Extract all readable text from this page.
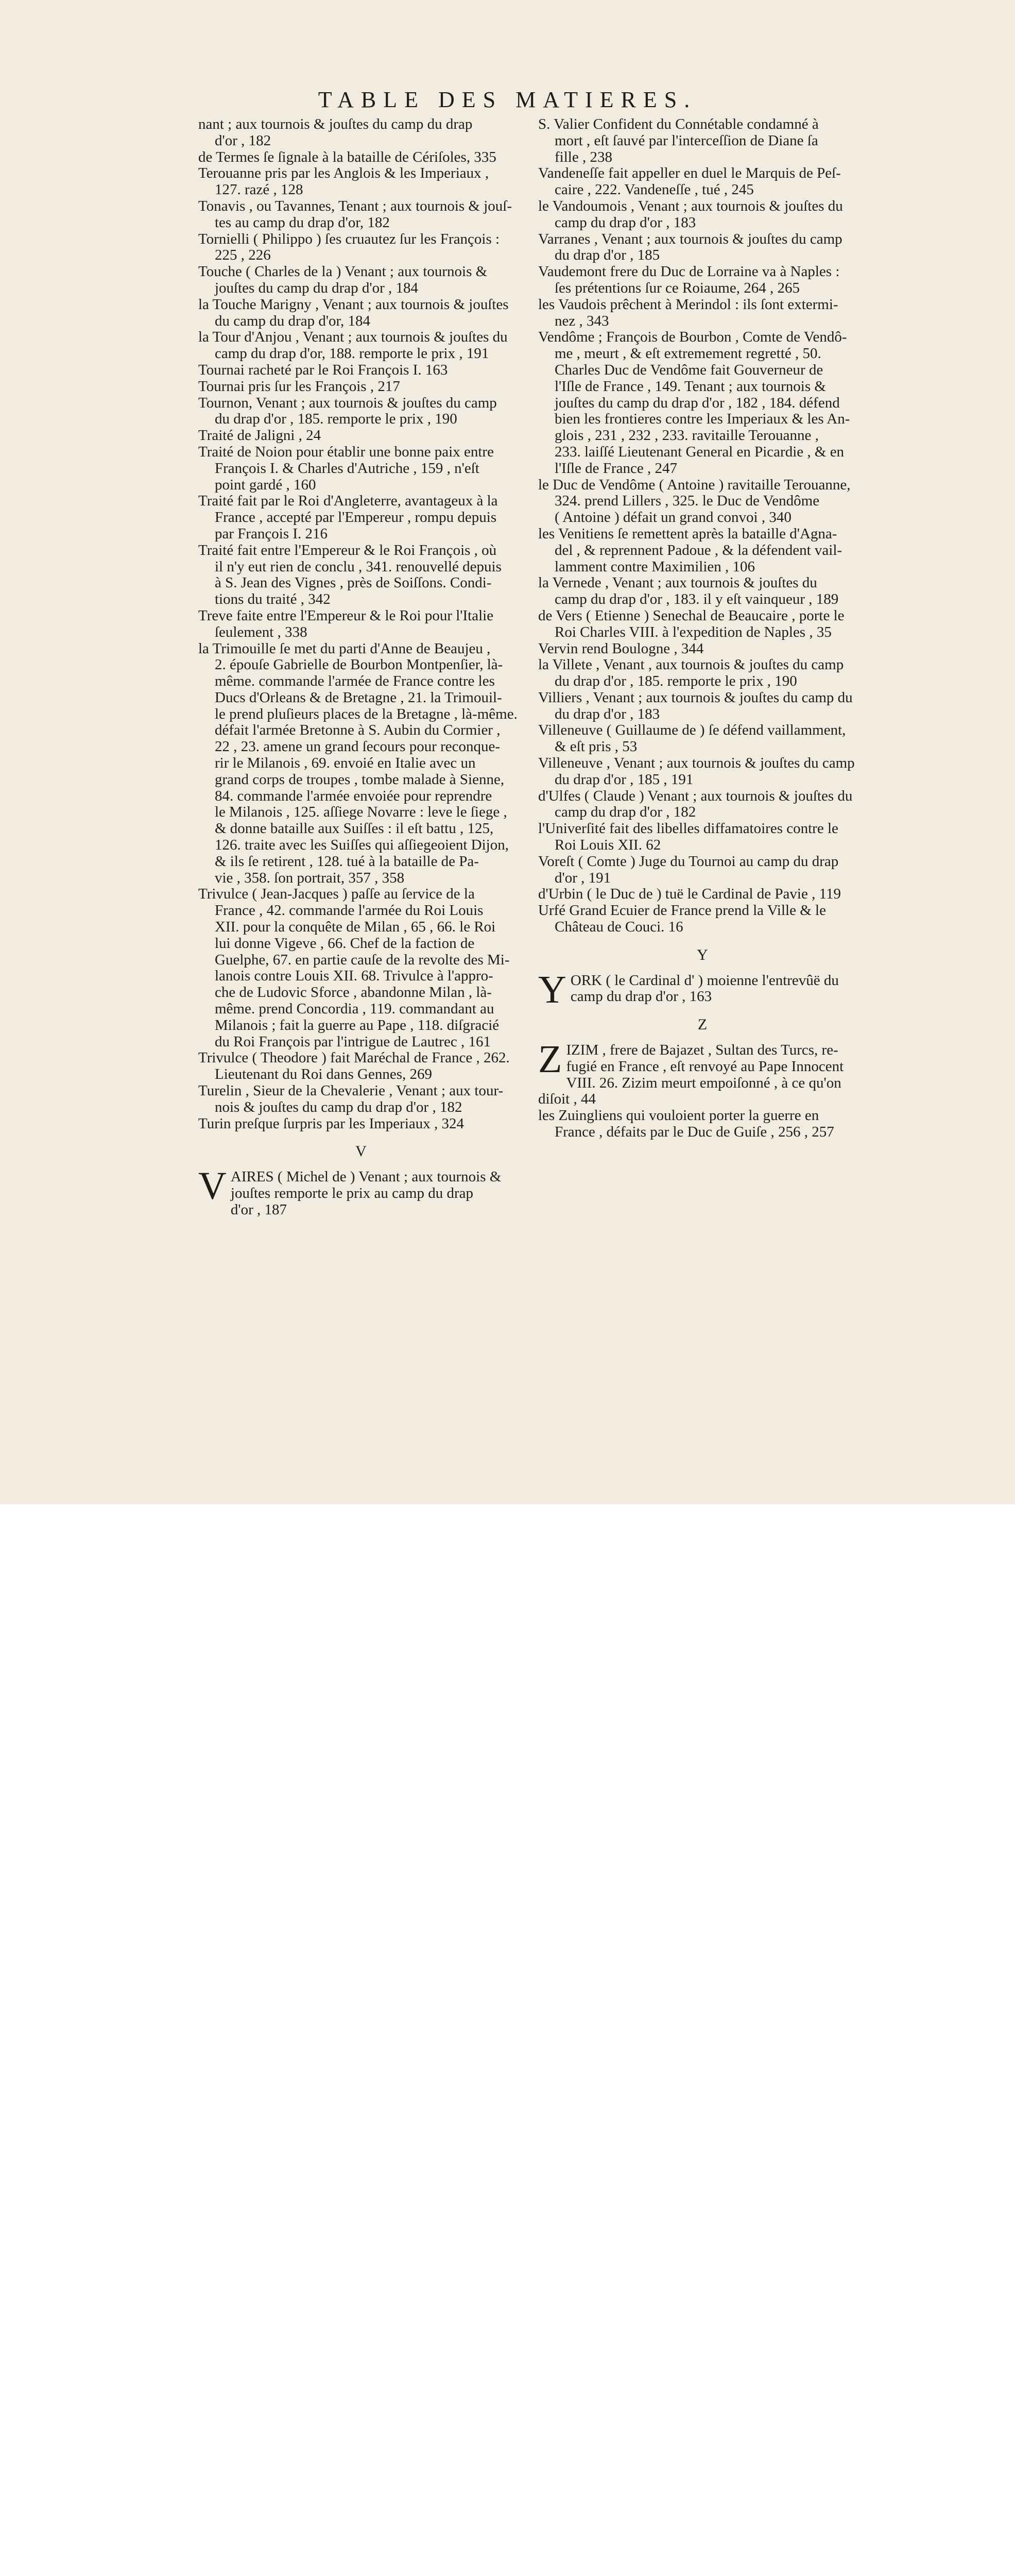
TABLE DES MATIERES.
nant ; aux tournois & jouſtes du camp du drap
d'or , 182
de Termes ſe ſignale à la bataille de Cériſoles, 335
Terouanne pris par les Anglois & les Imperiaux ,
127. razé , 128
Tonavis , ou Tavannes, Tenant ; aux tournois & jouſ-
tes au camp du drap d'or, 182
Tornielli ( Philippo ) ſes cruautez ſur les François :
225 , 226
Touche ( Charles de la ) Venant ; aux tournois &
jouſtes du camp du drap d'or , 184
la Touche Marigny , Venant ; aux tournois & jouſtes
du camp du drap d'or, 184
la Tour d'Anjou , Venant ; aux tournois & jouſtes du
camp du drap d'or, 188. remporte le prix , 191
Tournai racheté par le Roi François I. 163
Tournai pris ſur les François , 217
Tournon, Venant ; aux tournois & jouſtes du camp
du drap d'or , 185. remporte le prix , 190
Traité de Jaligni , 24
Traité de Noion pour établir une bonne paix entre
François I. & Charles d'Autriche , 159 , n'eſt
point gardé , 160
Traité fait par le Roi d'Angleterre, avantageux à la
France , accepté par l'Empereur , rompu depuis
par François I. 216
Traité fait entre l'Empereur & le Roi François , où
il n'y eut rien de conclu , 341. renouvellé depuis
à S. Jean des Vignes , près de Soiſſons. Condi-
tions du traité , 342
Treve faite entre l'Empereur & le Roi pour l'Italie
ſeulement , 338
la Trimouille ſe met du parti d'Anne de Beaujeu ,
2. épouſe Gabrielle de Bourbon Montpenſier, là-
même. commande l'armée de France contre les
Ducs d'Orleans & de Bretagne , 21. la Trimouil-
le prend pluſieurs places de la Bretagne , là-même.
défait l'armée Bretonne à S. Aubin du Cormier ,
22 , 23. amene un grand ſecours pour reconque-
rir le Milanois , 69. envoié en Italie avec un
grand corps de troupes , tombe malade à Sienne,
84. commande l'armée envoiée pour reprendre
le Milanois , 125. aſſiege Novarre : leve le ſiege ,
& donne bataille aux Suiſſes : il eſt battu , 125,
126. traite avec les Suiſſes qui aſſiegeoient Dijon,
& ils ſe retirent , 128. tué à la bataille de Pa-
vie , 358. ſon portrait, 357 , 358
Trivulce ( Jean-Jacques ) paſſe au ſervice de la
France , 42. commande l'armée du Roi Louis
XII. pour la conquête de Milan , 65 , 66. le Roi
lui donne Vigeve , 66. Chef de la faction de
Guelphe, 67. en partie cauſe de la revolte des Mi-
lanois contre Louis XII. 68. Trivulce à l'appro-
che de Ludovic Sforce , abandonne Milan , là-
même. prend Concordia , 119. commandant au
Milanois ; fait la guerre au Pape , 118. diſgracié
du Roi François par l'intrigue de Lautrec , 161
Trivulce ( Theodore ) fait Maréchal de France , 262.
Lieutenant du Roi dans Gennes, 269
Turelin , Sieur de la Chevalerie , Venant ; aux tour-
nois & jouſtes du camp du drap d'or , 182
Turin preſque ſurpris par les Imperiaux , 324
V
V AIRES ( Michel de ) Venant ; aux tournois &
jouſtes remporte le prix au camp du drap
d'or , 187
S. Valier Confident du Connétable condamné à
mort , eſt ſauvé par l'interceſſion de Diane ſa
fille , 238
Vandeneſſe fait appeller en duel le Marquis de Peſ-
caire , 222. Vandeneſſe , tué , 245
le Vandoumois , Venant ; aux tournois & jouſtes du
camp du drap d'or , 183
Varranes , Venant ; aux tournois & jouſtes du camp
du drap d'or , 185
Vaudemont frere du Duc de Lorraine va à Naples :
ſes prétentions ſur ce Roiaume, 264 , 265
les Vaudois prêchent à Merindol : ils ſont extermi-
nez , 343
Vendôme ; François de Bourbon , Comte de Vendô-
me , meurt , & eſt extremement regretté , 50.
Charles Duc de Vendôme fait Gouverneur de
l'Iſle de France , 149. Tenant ; aux tournois &
jouſtes du camp du drap d'or , 182 , 184. défend
bien les frontieres contre les Imperiaux & les An-
glois , 231 , 232 , 233. ravitaille Terouanne ,
233. laiſſé Lieutenant General en Picardie , & en
l'Iſle de France , 247
le Duc de Vendôme ( Antoine ) ravitaille Terouanne,
324. prend Lillers , 325. le Duc de Vendôme
( Antoine ) défait un grand convoi , 340
les Venitiens ſe remettent après la bataille d'Agna-
del , & reprennent Padoue , & la défendent vail-
lamment contre Maximilien , 106
la Vernede , Venant ; aux tournois & jouſtes du
camp du drap d'or , 183. il y eſt vainqueur , 189
de Vers ( Etienne ) Senechal de Beaucaire , porte le
Roi Charles VIII. à l'expedition de Naples , 35
Vervin rend Boulogne , 344
la Villete , Venant , aux tournois & jouſtes du camp
du drap d'or , 185. remporte le prix , 190
Villiers , Venant ; aux tournois & jouſtes du camp du
du drap d'or , 183
Villeneuve ( Guillaume de ) ſe défend vaillamment,
& eſt pris , 53
Villeneuve , Venant ; aux tournois & jouſtes du camp
du drap d'or , 185 , 191
d'Ulfes ( Claude ) Venant ; aux tournois & jouſtes du
camp du drap d'or , 182
l'Univerſité fait des libelles diffamatoires contre le
Roi Louis XII. 62
Voreſt ( Comte ) Juge du Tournoi au camp du drap
d'or , 191
d'Urbin ( le Duc de ) tuë le Cardinal de Pavie , 119
Urfé Grand Ecuier de France prend la Ville & le
Château de Couci. 16
Y
Y ORK ( le Cardinal d' ) moienne l'entrevûë du
camp du drap d'or , 163
Z
Z IZIM , frere de Bajazet , Sultan des Turcs, re-
fugié en France , eſt renvoyé au Pape Innocent
VIII. 26. Zizim meurt empoiſonné , à ce qu'on
diſoit , 44
les Zuingliens qui vouloient porter la guerre en
France , défaits par le Duc de Guiſe , 256 , 257
